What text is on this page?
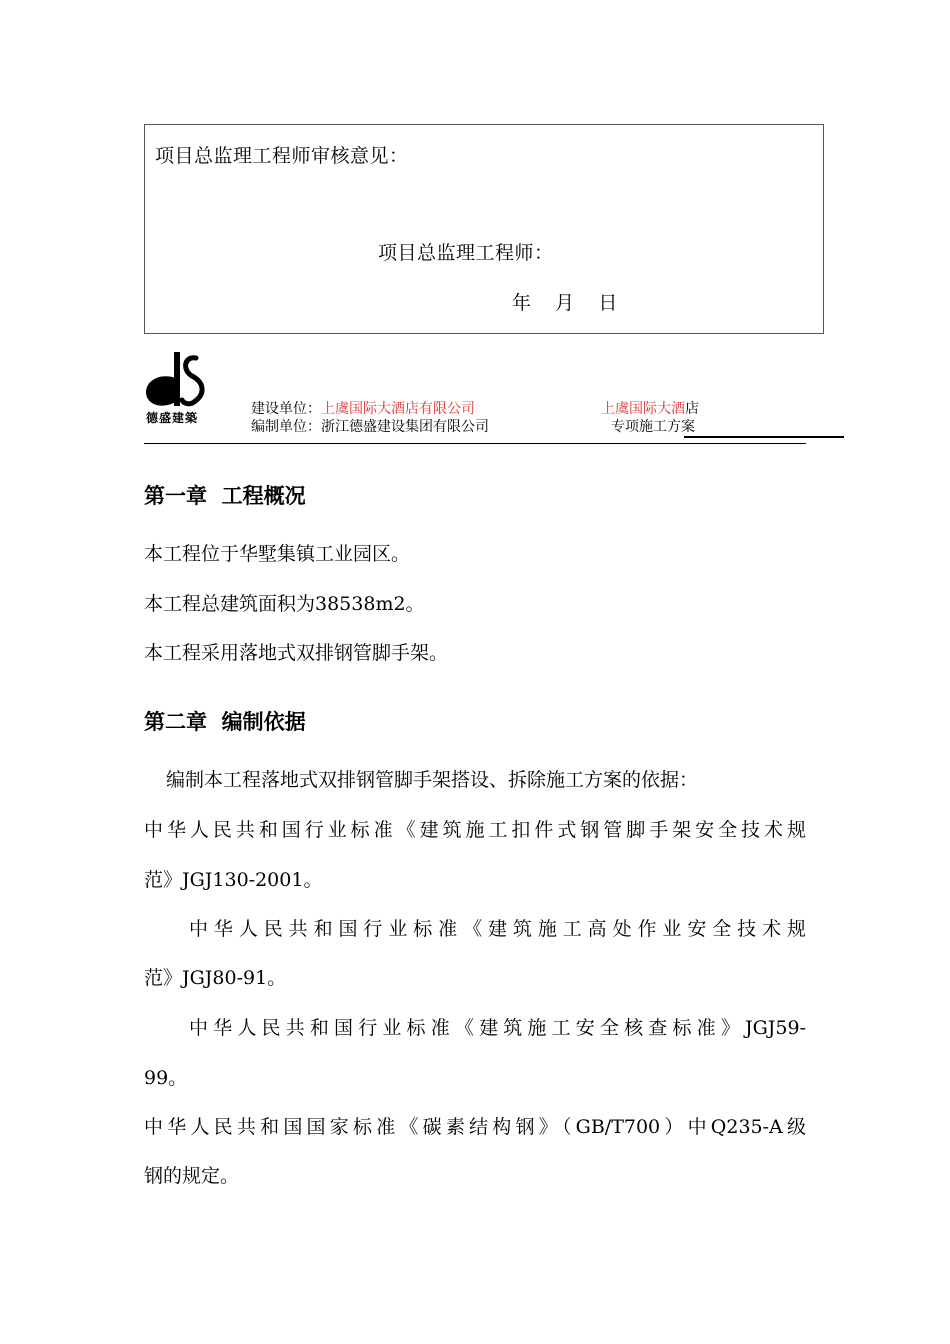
项目总监理工程师审核意见：
项目总监理工程师：
年    月    日
德盛建築
建设单位：上虞国际大酒店有限公司
编制单位：浙江德盛建设集团有限公司
上虞国际大酒店
专项施工方案
第一章  工程概况
本工程位于华墅集镇工业园区。
本工程总建筑面积为38538m2。
本工程采用落地式双排钢管脚手架。
第二章  编制依据
编制本工程落地式双排钢管脚手架搭设、拆除施工方案的依据：
中华人民共和国行业标准《建筑施工扣件式钢管脚手架安全技术规
范》JGJ130-2001。
中华人民共和国行业标准《建筑施工高处作业安全技术规
范》JGJ80-91。
中华人民共和国行业标准《建筑施工安全核查标准》JGJ59-
99。
中华人民共和国国家标准《碳素结构钢》（GB/T700）中Q235-A级
钢的规定。
